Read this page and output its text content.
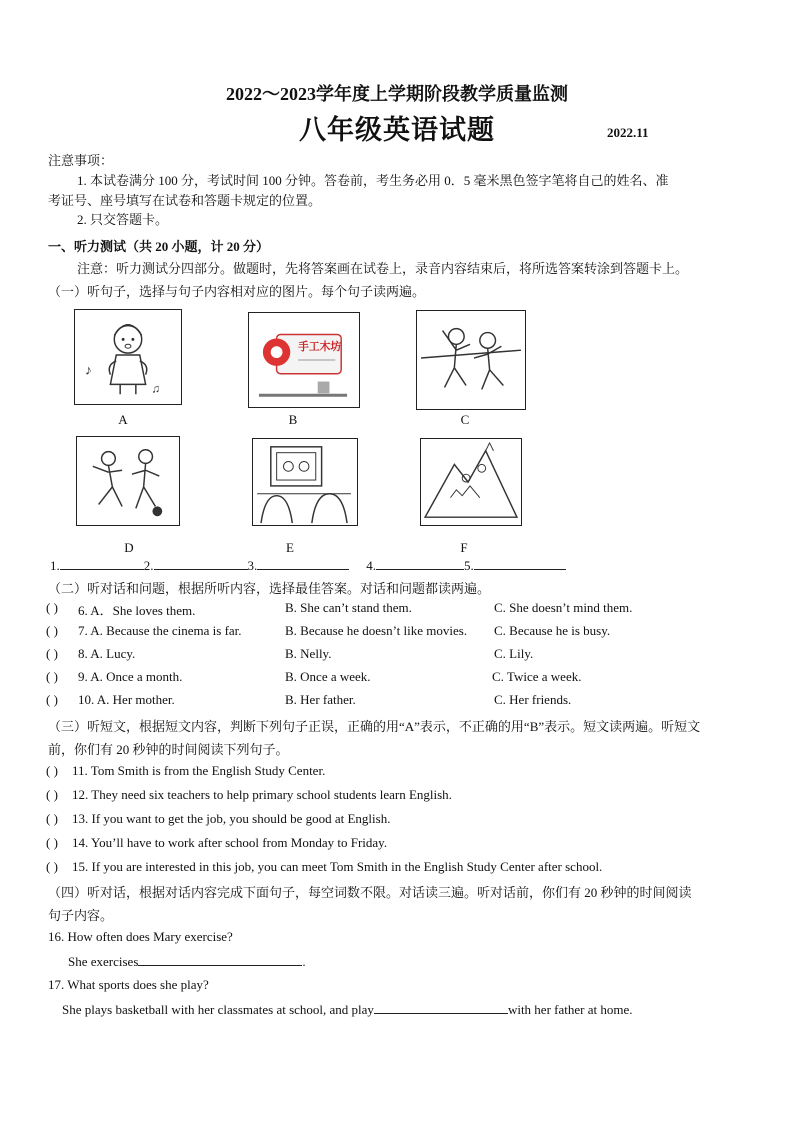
2022～2023学年度上学期阶段教学质量监测
八年级英语试题	2022.11
注意事项：
1. 本试卷满分 100 分，考试时间 100 分钟。答卷前，考生务必用 0．5 毫米黑色签字笔将自己的姓名、准
考证号、座号填写在试卷和答题卡规定的位置。
2. 只交答题卡。
一、听力测试（共 20 小题，计 20 分）
注意：听力测试分四部分。做题时，先将答案画在试卷上，录音内容结束后，将所选答案转涂到答题卡上。
（一）听句子，选择与句子内容相对应的图片。每个句子读两遍。
♪
♫
手工木坊
A	B	C
D	E	F
1.	2.	3.	4.	5.
（二）听对话和问题，根据所听内容，选择最佳答案。对话和问题都读两遍。
( ) 6. A．She loves them.	B. She can’t stand them.	C. She doesn’t mind them.
( ) 7. A. Because the cinema is far.	B. Because he doesn’t like movies. C. Because he is busy.
( ) 8. A. Lucy.	B. Nelly.	C. Lily.
( ) 9. A. Once a month.	B. Once a week.	C. Twice a week.
( ) 10. A. Her mother.	B. Her father.	C. Her friends.
（三）听短文，根据短文内容，判断下列句子正误，正确的用“A”表示，不正确的用“B”表示。短文读两遍。听短文
前，你们有 20 秒钟的时间阅读下列句子。
( ) 11. Tom Smith is from the English Study Center.
( ) 12. They need six teachers to help primary school students learn English.
( ) 13. If you want to get the job, you should be good at English.
( ) 14. You’ll have to work after school from Monday to Friday.
( ) 15. If you are interested in this job, you can meet Tom Smith in the English Study Center after school.
（四）听对话，根据对话内容完成下面句子，每空词数不限。对话读三遍。听对话前，你们有 20 秒钟的时间阅读
句子内容。
16. How often does Mary exercise?
She exercises	.
17. What sports does she play?
She plays basketball with her classmates at school, and play	with her father at home.
